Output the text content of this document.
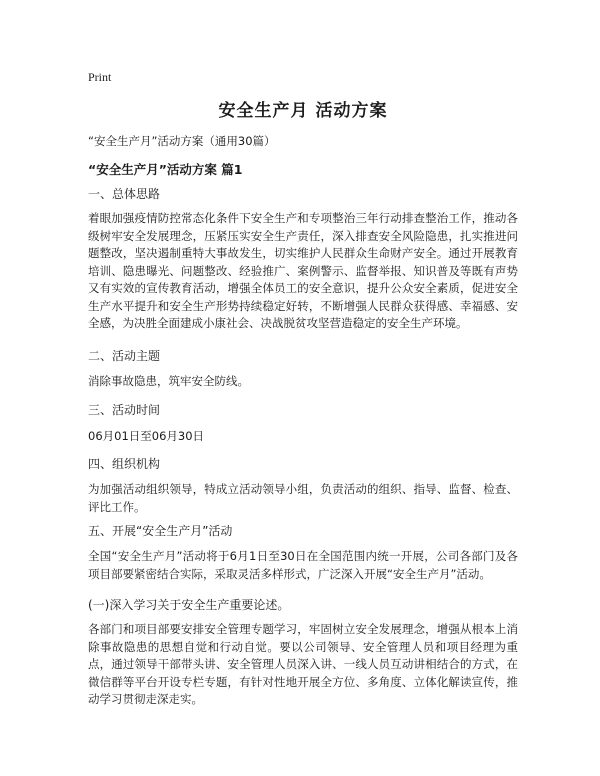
Print
安全生产月 活动方案
“安全生产月”活动方案（通用30篇）
“安全生产月”活动方案 篇1
一、总体思路
着眼加强疫情防控常态化条件下安全生产和专项整治三年行动排查整治工作，推动各级树牢安全发展理念，压紧压实安全生产责任，深入排查安全风险隐患，扎实推进问题整改，坚决遏制重特大事故发生，切实维护人民群众生命财产安全。通过开展教育培训、隐患曝光、问题整改、经验推广、案例警示、监督举报、知识普及等既有声势又有实效的宣传教育活动，增强全体员工的安全意识，提升公众安全素质，促进安全生产水平提升和安全生产形势持续稳定好转，不断增强人民群众获得感、幸福感、安全感，为决胜全面建成小康社会、决战脱贫攻坚营造稳定的安全生产环境。
二、活动主题
消除事故隐患，筑牢安全防线。
三、活动时间
06月01日至06月30日
四、组织机构
为加强活动组织领导，特成立活动领导小组，负责活动的组织、指导、监督、检查、评比工作。
五、开展“安全生产月”活动
全国“安全生产月”活动将于6月1日至30日在全国范围内统一开展，公司各部门及各项目部要紧密结合实际，采取灵活多样形式，广泛深入开展“安全生产月”活动。
(一)深入学习关于安全生产重要论述。
各部门和项目部要安排安全管理专题学习，牢固树立安全发展理念，增强从根本上消除事故隐患的思想自觉和行动自觉。要以公司领导、安全管理人员和项目经理为重点，通过领导干部带头讲、安全管理人员深入讲、一线人员互动讲相结合的方式，在微信群等平台开设专栏专题，有针对性地开展全方位、多角度、立体化解读宣传，推动学习贯彻走深走实。
